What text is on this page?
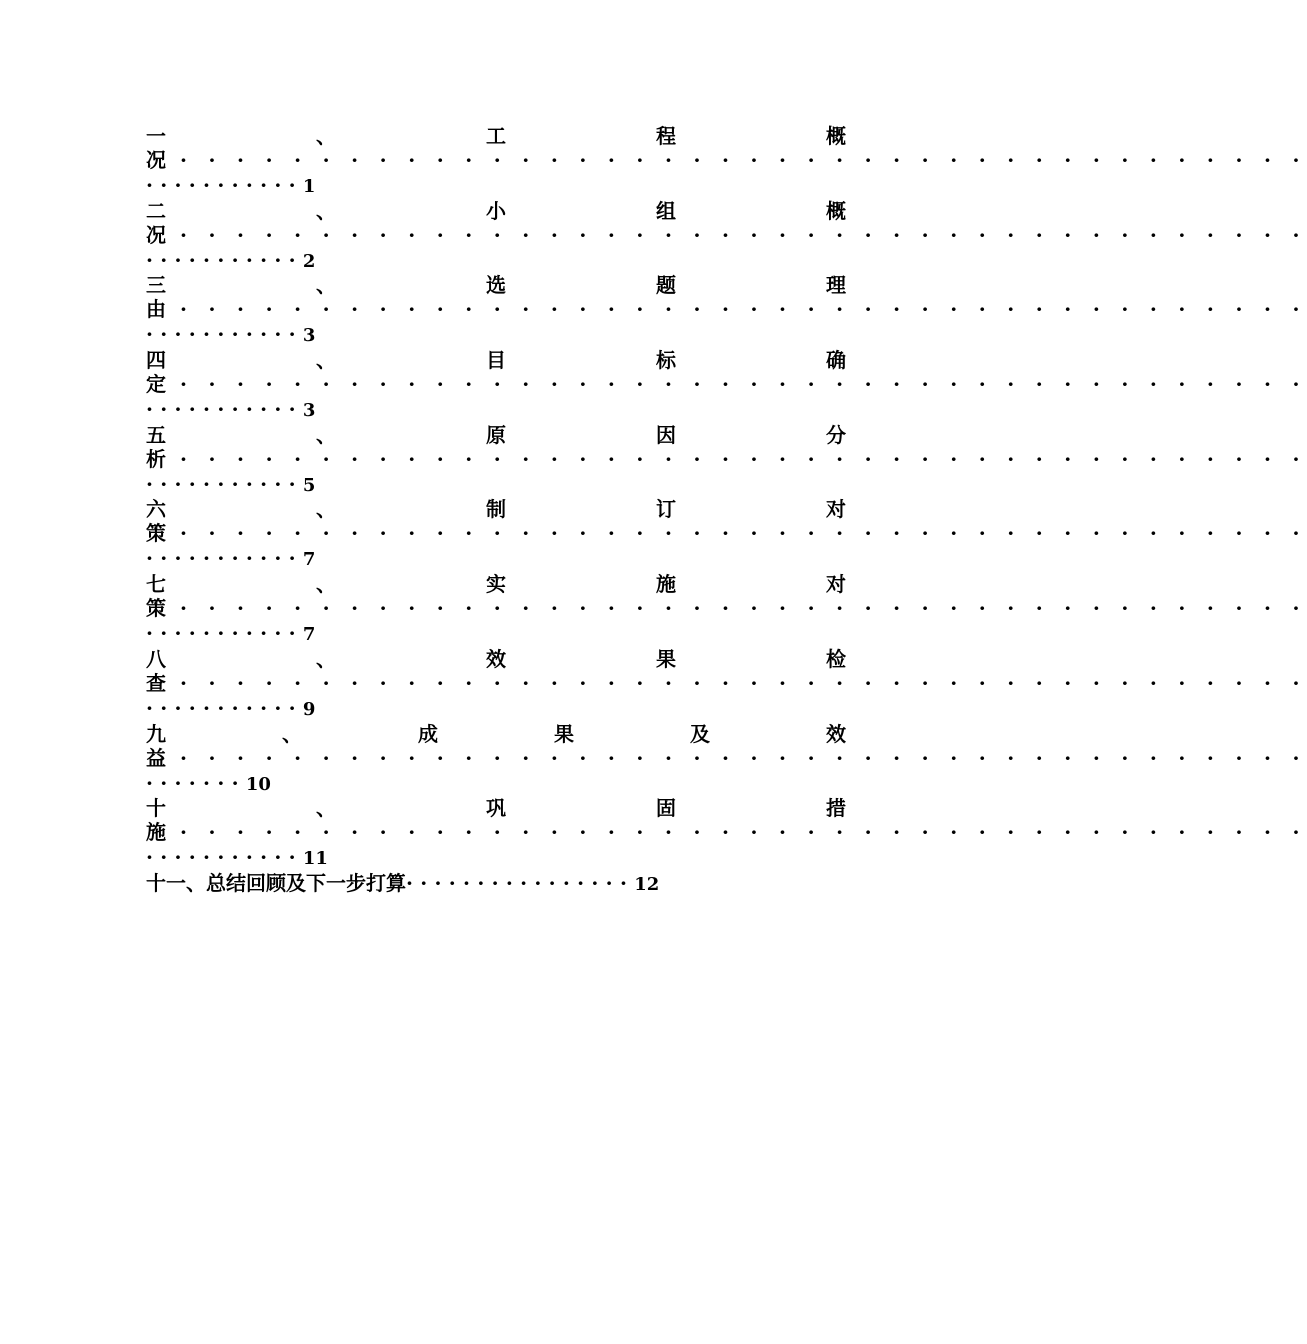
一	、	工	程	概
况 · · · · · · · · · · · · · · · · · · · · · · · · · · · · · · · · · · · · · · · ·
···········1
二	、	小	组	概
况 · · · · · · · · · · · · · · · · · · · · · · · · · · · · · · · · · · · · · · · ·
···········2
三	、	选	题	理
由 · · · · · · · · · · · · · · · · · · · · · · · · · · · · · · · · · · · · · · · ·
···········3
四	、	目	标	确
定 · · · · · · · · · · · · · · · · · · · · · · · · · · · · · · · · · · · · · · · ·
···········3
五	、	原	因	分
析 · · · · · · · · · · · · · · · · · · · · · · · · · · · · · · · · · · · · · · · ·
···········5
六	、	制	订	对
策 · · · · · · · · · · · · · · · · · · · · · · · · · · · · · · · · · · · · · · · ·
···········7
七	、	实	施	对
策 · · · · · · · · · · · · · · · · · · · · · · · · · · · · · · · · · · · · · · · ·
···········7
八	、	效	果	检
查 · · · · · · · · · · · · · · · · · · · · · · · · · · · · · · · · · · · · · · · ·
···········9
九	、	成	果	及	效
益 · · · · · · · · · · · · · · · · · · · · · · · · · · · · · · · · · · · · · · · ·
·······10
十	、	巩	固	措
施 · · · · · · · · · · · · · · · · · · · · · · · · · · · · · · · · · · · · · · · ·
···········11
十一、总结回顾及下一步打算················12
